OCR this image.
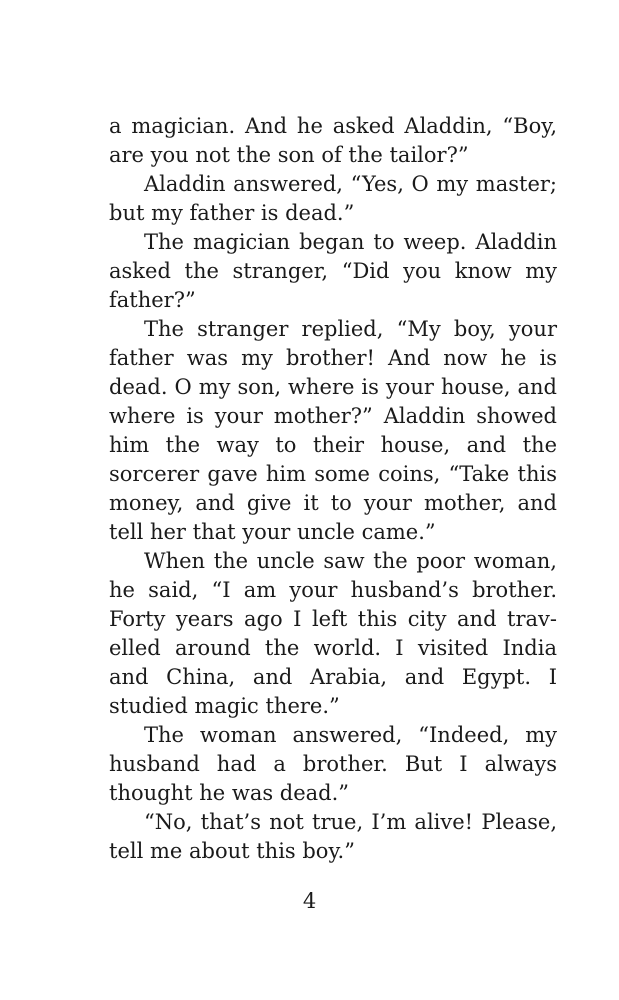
a magician. And he asked Aladdin, “Boy, are you not the son of the tailor?”

Aladdin answered, “Yes, O my master; but my father is dead.”

The magician began to weep. Aladdin asked the stranger, “Did you know my father?”

The stranger replied, “My boy, your father was my brother! And now he is dead. O my son, where is your house, and where is your mother?” Aladdin showed him the way to their house, and the sorcerer gave him some coins, “Take this money, and give it to your mother, and tell her that your uncle came.”

When the uncle saw the poor woman, he said, “I am your husband’s brother. Forty years ago I left this city and travelled around the world. I visited India and China, and Arabia, and Egypt. I studied magic there.”

The woman answered, “Indeed, my husband had a brother. But I always thought he was dead.”

“No, that’s not true, I’m alive! Please, tell me about this boy.”

4
